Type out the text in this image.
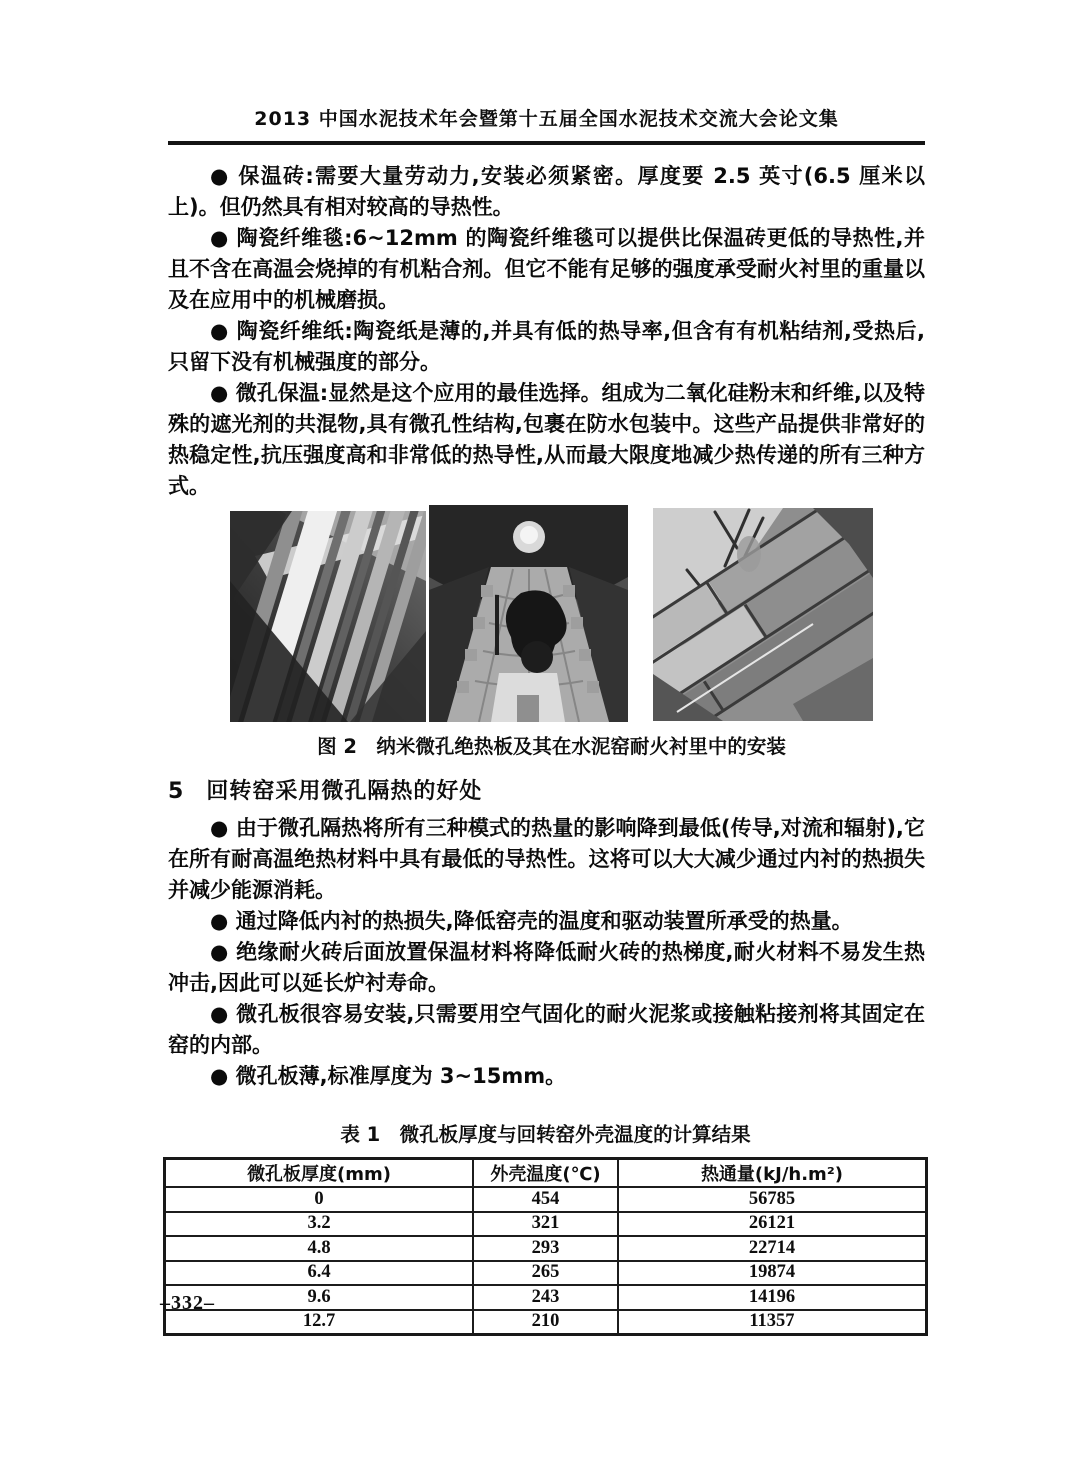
2013 中国水泥技术年会暨第十五届全国水泥技术交流大会论文集

● 保温砖:需要大量劳动力,安装必须紧密。厚度要 2.5 英寸(6.5 厘米以上)。但仍然具有相对较高的导热性。

● 陶瓷纤维毯:6~12mm 的陶瓷纤维毯可以提供比保温砖更低的导热性,并且不含在高温会烧掉的有机粘合剂。但它不能有足够的强度承受耐火衬里的重量以及在应用中的机械磨损。

● 陶瓷纤维纸:陶瓷纸是薄的,并具有低的热导率,但含有有机粘结剂,受热后,只留下没有机械强度的部分。

● 微孔保温:显然是这个应用的最佳选择。组成为二氧化硅粉末和纤维,以及特殊的遮光剂的共混物,具有微孔性结构,包裹在防水包装中。这些产品提供非常好的热稳定性,抗压强度高和非常低的热导性,从而最大限度地减少热传递的所有三种方式。

图 2　纳米微孔绝热板及其在水泥窑耐火衬里中的安装
5 回转窑采用微孔隔热的好处

● 由于微孔隔热将所有三种模式的热量的影响降到最低(传导,对流和辐射),它在所有耐高温绝热材料中具有最低的导热性。这将可以大大减少通过内衬的热损失并减少能源消耗。

● 通过降低内衬的热损失,降低窑壳的温度和驱动装置所承受的热量。

● 绝缘耐火砖后面放置保温材料将降低耐火砖的热梯度,耐火材料不易发生热冲击,因此可以延长炉衬寿命。

● 微孔板很容易安装,只需要用空气固化的耐火泥浆或接触粘接剂将其固定在窑的内部。

● 微孔板薄,标准厚度为 3~15mm。

表 1　微孔板厚度与回转窑外壳温度的计算结果
微孔板厚度(mm)	外壳温度(℃)	热通量(kJ/h.m²)
0	454	56785
3.2	321	26121
4.8	293	22714
6.4	265	19874
9.6	243	14196
12.7	210	11357
–332–
